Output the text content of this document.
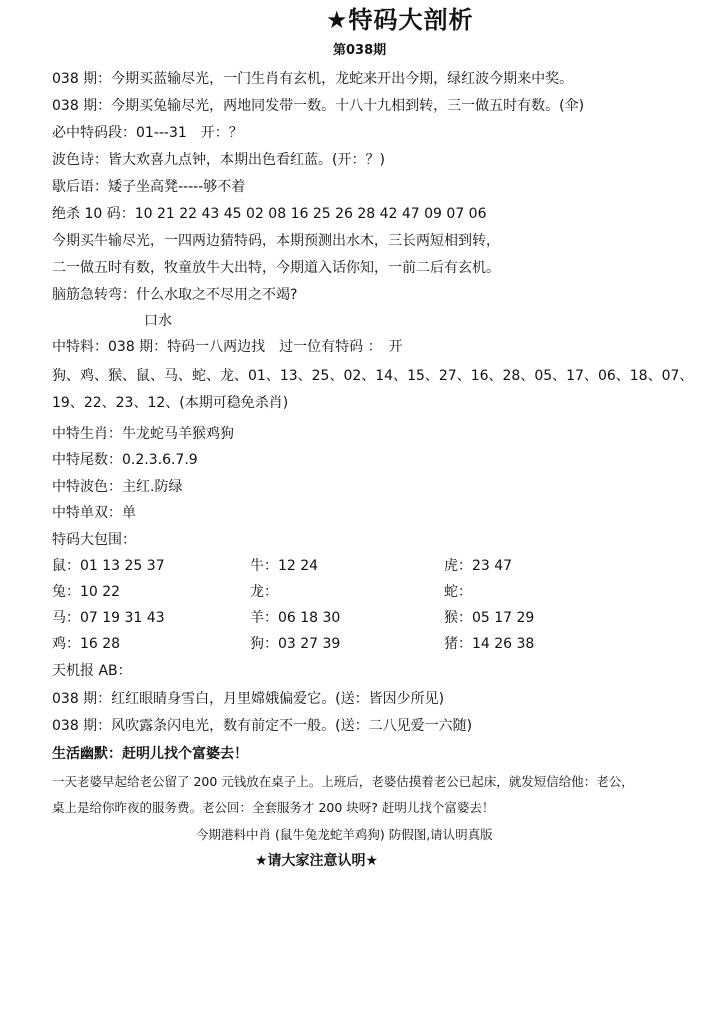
★特码大剖析
第038期
038 期：今期买蓝输尽光，一门生肖有玄机，龙蛇来开出今期，绿红波今期来中奖。
038 期：今期买兔输尽光，两地同发带一数。十八十九相到转，三一做五时有数。(伞)
必中特码段：01---31　开：？
波色诗：皆大欢喜九点钟，本期出色看红蓝。(开：？)
歇后语：矮子坐高凳-----够不着
绝杀 10 码：10 21 22 43 45 02 08 16 25 26 28 42 47 09 07 06
今期买牛输尽光，一四两边猜特码，本期预测出水木，三长两短相到转，
二一做五时有数，牧童放牛大出特，今期道入话你知，一前二后有玄机。
脑筋急转弯：什么水取之不尽用之不竭?
口水
中特料：038 期：特码一八两边找　过一位有特码 ：　开
狗、鸡、猴、鼠、马、蛇、龙、01、13、25、02、14、15、27、16、28、05、17、06、18、07、
19、22、23、12、(本期可稳免杀肖)
中特生肖：牛龙蛇马羊猴鸡狗
中特尾数：0.2.3.6.7.9
中特波色：主红.防绿
中特单双：单
特码大包围：
鼠：01 13 25 37	牛：12 24	虎：23 47
兔：10 22	龙：	蛇：
马：07 19 31 43	羊：06 18 30	猴：05 17 29
鸡：16 28	狗：03 27 39	猪：14 26 38
天机报 AB：
038 期：红红眼睛身雪白，月里嫦娥偏爱它。(送：皆因少所见)
038 期：风吹露条闪电光，数有前定不一般。(送：二八见爱一六随)
生活幽默：赶明儿找个富婆去！
一天老婆早起给老公留了 200 元钱放在桌子上。上班后，老婆估摸着老公已起床，就发短信给他：老公，
桌上是给你昨夜的服务费。老公回：全套服务才 200 块呀? 赶明儿找个富婆去！
今期港料中肖 (鼠牛兔龙蛇羊鸡狗) 防假图,请认明真版
★请大家注意认明★
